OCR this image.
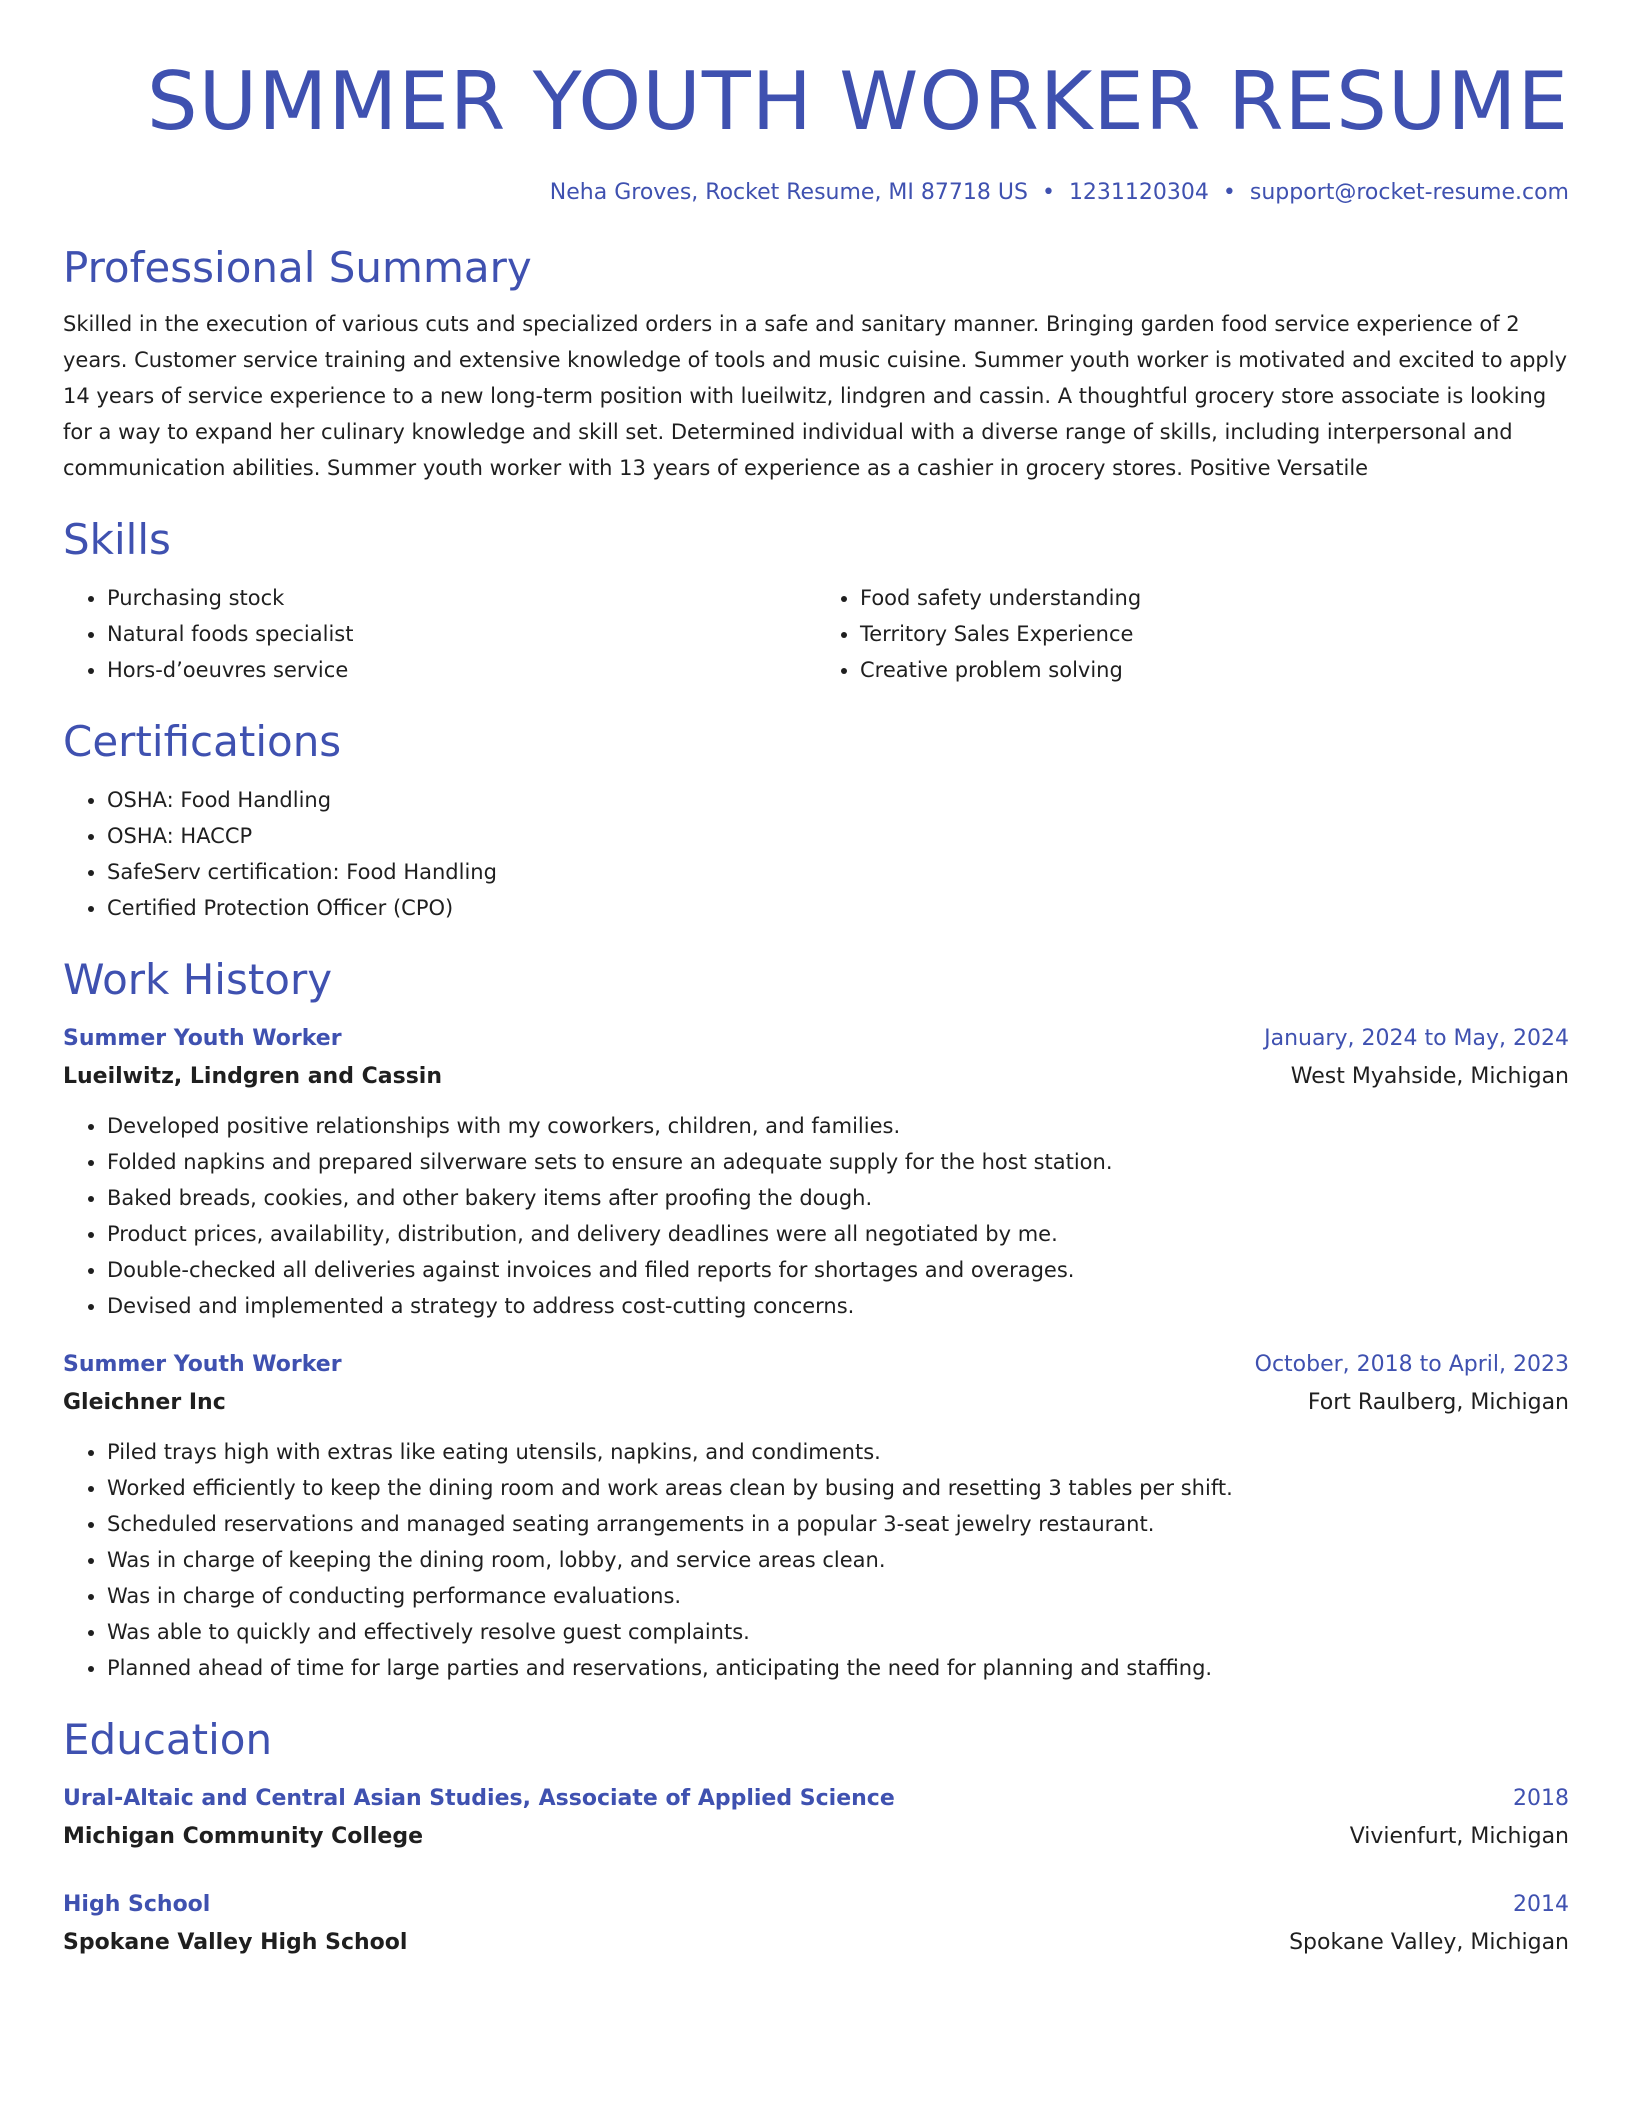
SUMMER YOUTH WORKER RESUME
Neha Groves, Rocket Resume, MI 87718 US • 1231120304 • support@rocket-resume.com
Professional Summary

Skilled in the execution of various cuts and specialized orders in a safe and sanitary manner. Bringing garden food service experience of 2 years. Customer service training and extensive knowledge of tools and music cuisine. Summer youth worker is motivated and excited to apply 14 years of service experience to a new long-term position with lueilwitz, lindgren and cassin. A thoughtful grocery store associate is looking for a way to expand her culinary knowledge and skill set. Determined individual with a diverse range of skills, including interpersonal and communication abilities. Summer youth worker with 13 years of experience as a cashier in grocery stores. Positive Versatile

Skills
• Purchasing stock
• Natural foods specialist
• Hors-d’oeuvres service
• Food safety understanding
• Territory Sales Experience
• Creative problem solving
Certifications
• OSHA: Food Handling
• OSHA: HACCP
• SafeServ certification: Food Handling
• Certified Protection Officer (CPO)
Work History
Summer Youth Worker	January, 2024 to May, 2024
Lueilwitz, Lindgren and Cassin	West Myahside, Michigan
• Developed positive relationships with my coworkers, children, and families.
• Folded napkins and prepared silverware sets to ensure an adequate supply for the host station.
• Baked breads, cookies, and other bakery items after proofing the dough.
• Product prices, availability, distribution, and delivery deadlines were all negotiated by me.
• Double-checked all deliveries against invoices and filed reports for shortages and overages.
• Devised and implemented a strategy to address cost-cutting concerns.
Summer Youth Worker	October, 2018 to April, 2023
Gleichner Inc	Fort Raulberg, Michigan
• Piled trays high with extras like eating utensils, napkins, and condiments.
• Worked efficiently to keep the dining room and work areas clean by busing and resetting 3 tables per shift.
• Scheduled reservations and managed seating arrangements in a popular 3-seat jewelry restaurant.
• Was in charge of keeping the dining room, lobby, and service areas clean.
• Was in charge of conducting performance evaluations.
• Was able to quickly and effectively resolve guest complaints.
• Planned ahead of time for large parties and reservations, anticipating the need for planning and staffing.
Education
Ural-Altaic and Central Asian Studies, Associate of Applied Science	2018
Michigan Community College	Vivienfurt, Michigan
High School	2014
Spokane Valley High School	Spokane Valley, Michigan
